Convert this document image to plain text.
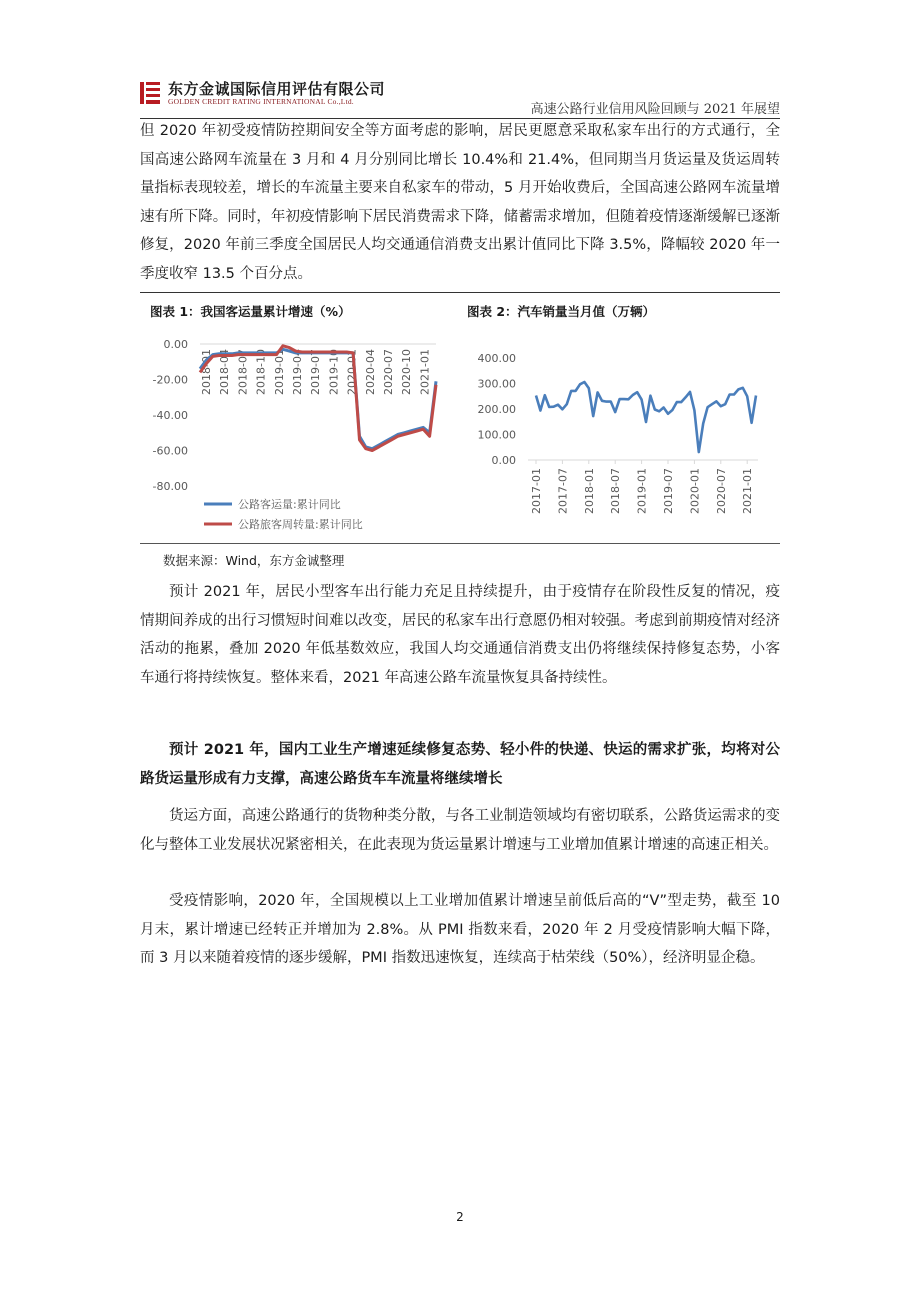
东方金诚国际信用评估有限公司
GOLDEN CREDIT RATING INTERNATIONAL Co.,Ltd.
高速公路行业信用风险回顾与 2021 年展望
但 2020 年初受疫情防控期间安全等方面考虑的影响，居民更愿意采取私家车出行的方式通行，全国高速公路网车流量在 3 月和 4 月分别同比增长 10.4%和 21.4%，但同期当月货运量及货运周转量指标表现较差，增长的车流量主要来自私家车的带动，5 月开始收费后，全国高速公路网车流量增速有所下降。同时，年初疫情影响下居民消费需求下降，储蓄需求增加，但随着疫情逐渐缓解已逐渐修复，2020 年前三季度全国居民人均交通通信消费支出累计值同比下降 3.5%，降幅较 2020 年一季度收窄 13.5 个百分点。
图表 1：我国客运量累计增速（%）	图表 2：汽车销量当月值（万辆）
0.00
-20.00
-40.00
-60.00
-80.00
2018-01 2018-04 2018-07 2018-10 2019-01 2019-04 2019-07 2019-10 2020-01 2020-04 2020-07 2020-10 2021-01
公路客运量:累计同比
公路旅客周转量:累计同比
400.00
300.00
200.00
100.00
0.00
2017-01 2017-07 2018-01 2018-07 2019-01 2019-07 2020-01 2020-07 2021-01
数据来源：Wind，东方金诚整理
预计 2021 年，居民小型客车出行能力充足且持续提升，由于疫情存在阶段性反复的情况，疫情期间养成的出行习惯短时间难以改变，居民的私家车出行意愿仍相对较强。考虑到前期疫情对经济活动的拖累，叠加 2020 年低基数效应，我国人均交通通信消费支出仍将继续保持修复态势，小客车通行将持续恢复。整体来看，2021 年高速公路车流量恢复具备持续性。
预计 2021 年，国内工业生产增速延续修复态势、轻小件的快递、快运的需求扩张，均将对公路货运量形成有力支撑，高速公路货车车流量将继续增长
货运方面，高速公路通行的货物种类分散，与各工业制造领域均有密切联系，公路货运需求的变化与整体工业发展状况紧密相关，在此表现为货运量累计增速与工业增加值累计增速的高速正相关。
受疫情影响，2020 年，全国规模以上工业增加值累计增速呈前低后高的“V”型走势，截至 10 月末，累计增速已经转正并增加为 2.8%。从 PMI 指数来看，2020 年 2 月受疫情影响大幅下降，而 3 月以来随着疫情的逐步缓解，PMI 指数迅速恢复，连续高于枯荣线（50%），经济明显企稳。
2
